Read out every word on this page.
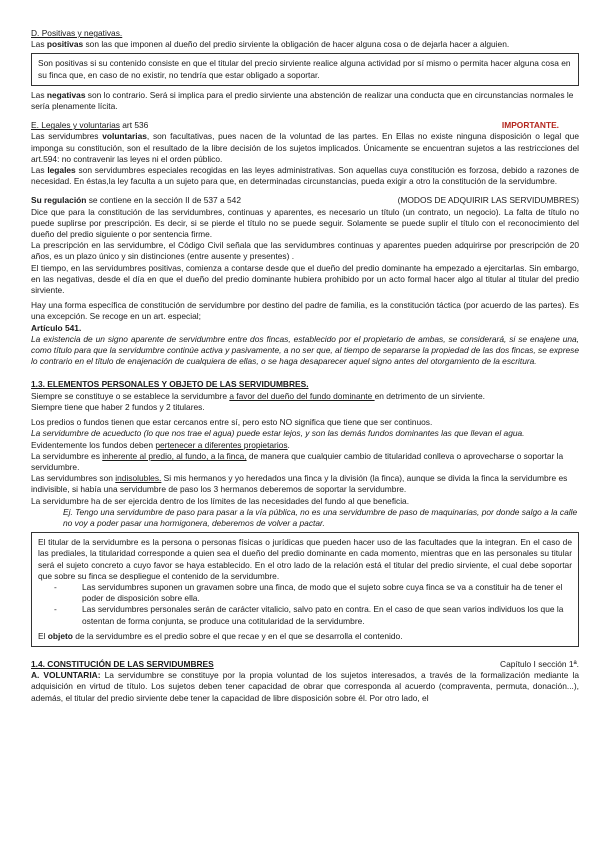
D. Positivas y negativas.

Las positivas son las que imponen al dueño del predio sirviente la obligación de hacer alguna cosa o de dejarla hacer a alguien.

Son positivas si su contenido consiste en que el titular del precio sirviente realice alguna actividad por sí mismo o permita hacer alguna cosa en su finca que, en caso de no existir, no tendría que estar obligado a soportar.

Las negativas son lo contrario. Será si implica para el predio sirviente una abstención de realizar una conducta que en circunstancias normales le sería plenamente lícita.

E. Legales y voluntarias art 536	IMPORTANTE.

Las servidumbres voluntarias, son facultativas, pues nacen de la voluntad de las partes. En Ellas no existe ninguna disposición o legal que imponga su constitución, son el resultado de la libre decisión de los sujetos implicados. Únicamente se encuentran sujetos a las restricciones del art.594: no contravenir las leyes ni el orden público.

Las legales son servidumbres especiales recogidas en las leyes administrativas. Son aquellas cuya constitución es forzosa, debido a razones de necesidad. En éstas,la ley faculta a un sujeto para que, en determinadas circunstancias, pueda exigir a otro la constitución de la servidumbre.

Su regulación se contiene en la sección II de 537 a 542	(MODOS DE ADQUIRIR LAS SERVIDUMBRES)

Dice que para la constitución de las servidumbres, continuas y aparentes, es necesario un título (un contrato, un negocio). La falta de título no puede suplirse por prescripción. Es decir, si se pierde el título no se puede seguir. Solamente se puede suplir el título con el reconocimiento del dueño del predio siguiente o por sentencia firme.

La prescripción en las servidumbre, el Código Civil señala que las servidumbres continuas y aparentes pueden adquirirse por prescripción de 20 años, es un plazo único y sin distinciones (entre ausente y presentes) .

El tiempo, en las servidumbres positivas, comienza a contarse desde que el dueño del predio dominante ha empezado a ejercitarlas. Sin embargo, en las negativas, desde el día en que el dueño del predio dominante hubiera prohibido por un acto formal hacer algo al titular al titular del predio sirviente.

Hay una forma específica de constitución de servidumbre por destino del padre de familia, es la constitución táctica (por acuerdo de las partes). Es una excepción. Se recoge en un art. especial;

Artículo 541.

La existencia de un signo aparente de servidumbre entre dos fincas, establecido por el propietario de ambas, se considerará, si se enajene una, como título para que la servidumbre continúe activa y pasivamente, a no ser que, al tiempo de separarse la propiedad de las dos fincas, se exprese lo contrario en el título de enajenación de cualquiera de ellas, o se haga desaparecer aquel signo antes del otorgamiento de la escritura.

1.3. ELEMENTOS PERSONALES Y OBJETO DE LAS SERVIDUMBRES.

Siempre se constituye o se establece la servidumbre a favor del dueño del fundo dominante en detrimento de un sirviente.

Siempre tiene que haber 2 fundos y 2 titulares.

Los predios o fundos tienen que estar cercanos entre sí, pero esto NO significa que tiene que ser continuos.

La servidumbre de acueducto (lo que nos trae el agua) puede estar lejos, y son las demás fundos dominantes las que llevan el agua.

Evidentemente los fundos deben pertenecer a diferentes propietarios.

La servidumbre es inherente al predio, al fundo, a la finca, de manera que cualquier cambio de titularidad conlleva o aprovecharse o soportar la servidumbre.

Las servidumbres son indisolubles. Si mis hermanos y yo heredados una finca y la división (la finca), aunque se divida la finca la servidumbre es indivisible, si había una servidumbre de paso los 3 hermanos deberemos de soportar la servidumbre.

La servidumbre ha de ser ejercida dentro de los límites de las necesidades del fundo al que beneficia.

Ej. Tengo una servidumbre de paso para pasar a la vía pública, no es una servidumbre de paso de maquinarias, por donde salgo a la calle no voy a poder pasar una hormigonera, deberemos de volver a pactar.

El titular de la servidumbre es la persona o personas físicas o jurídicas que pueden hacer uso de las facultades que la integran. En el caso de las prediales, la titularidad corresponde a quien sea el dueño del predio dominante en cada momento, mientras que en las personales su titular será el sujeto concreto a cuyo favor se haya establecido. En el otro lado de la relación está el titular del predio sirviente, el cual debe soportar que sobre su finca se despliegue el contenido de la servidumbre.

- Las servidumbres suponen un gravamen sobre una finca, de modo que el sujeto sobre cuya finca se va a constituir ha de tener el poder de disposición sobre ella.
- Las servidumbres personales serán de carácter vitalicio, salvo pato en contra. En el caso de que sean varios individuos los que la ostentan de forma conjunta, se produce una cotitularidad de la servidumbre.

El objeto de la servidumbre es el predio sobre el que recae y en el que se desarrolla el contenido.

1.4. CONSTITUCIÓN DE LAS SERVIDUMBRES	Capítulo I sección 1ª.

A. VOLUNTARIA: La servidumbre se constituye por la propia voluntad de los sujetos interesados, a través de la formalización mediante la adquisición en virtud de título. Los sujetos deben tener capacidad de obrar que corresponda al acuerdo (compraventa, permuta, donación...), además, el titular del predio sirviente debe tener la capacidad de libre disposición sobre él. Por otro lado, el
